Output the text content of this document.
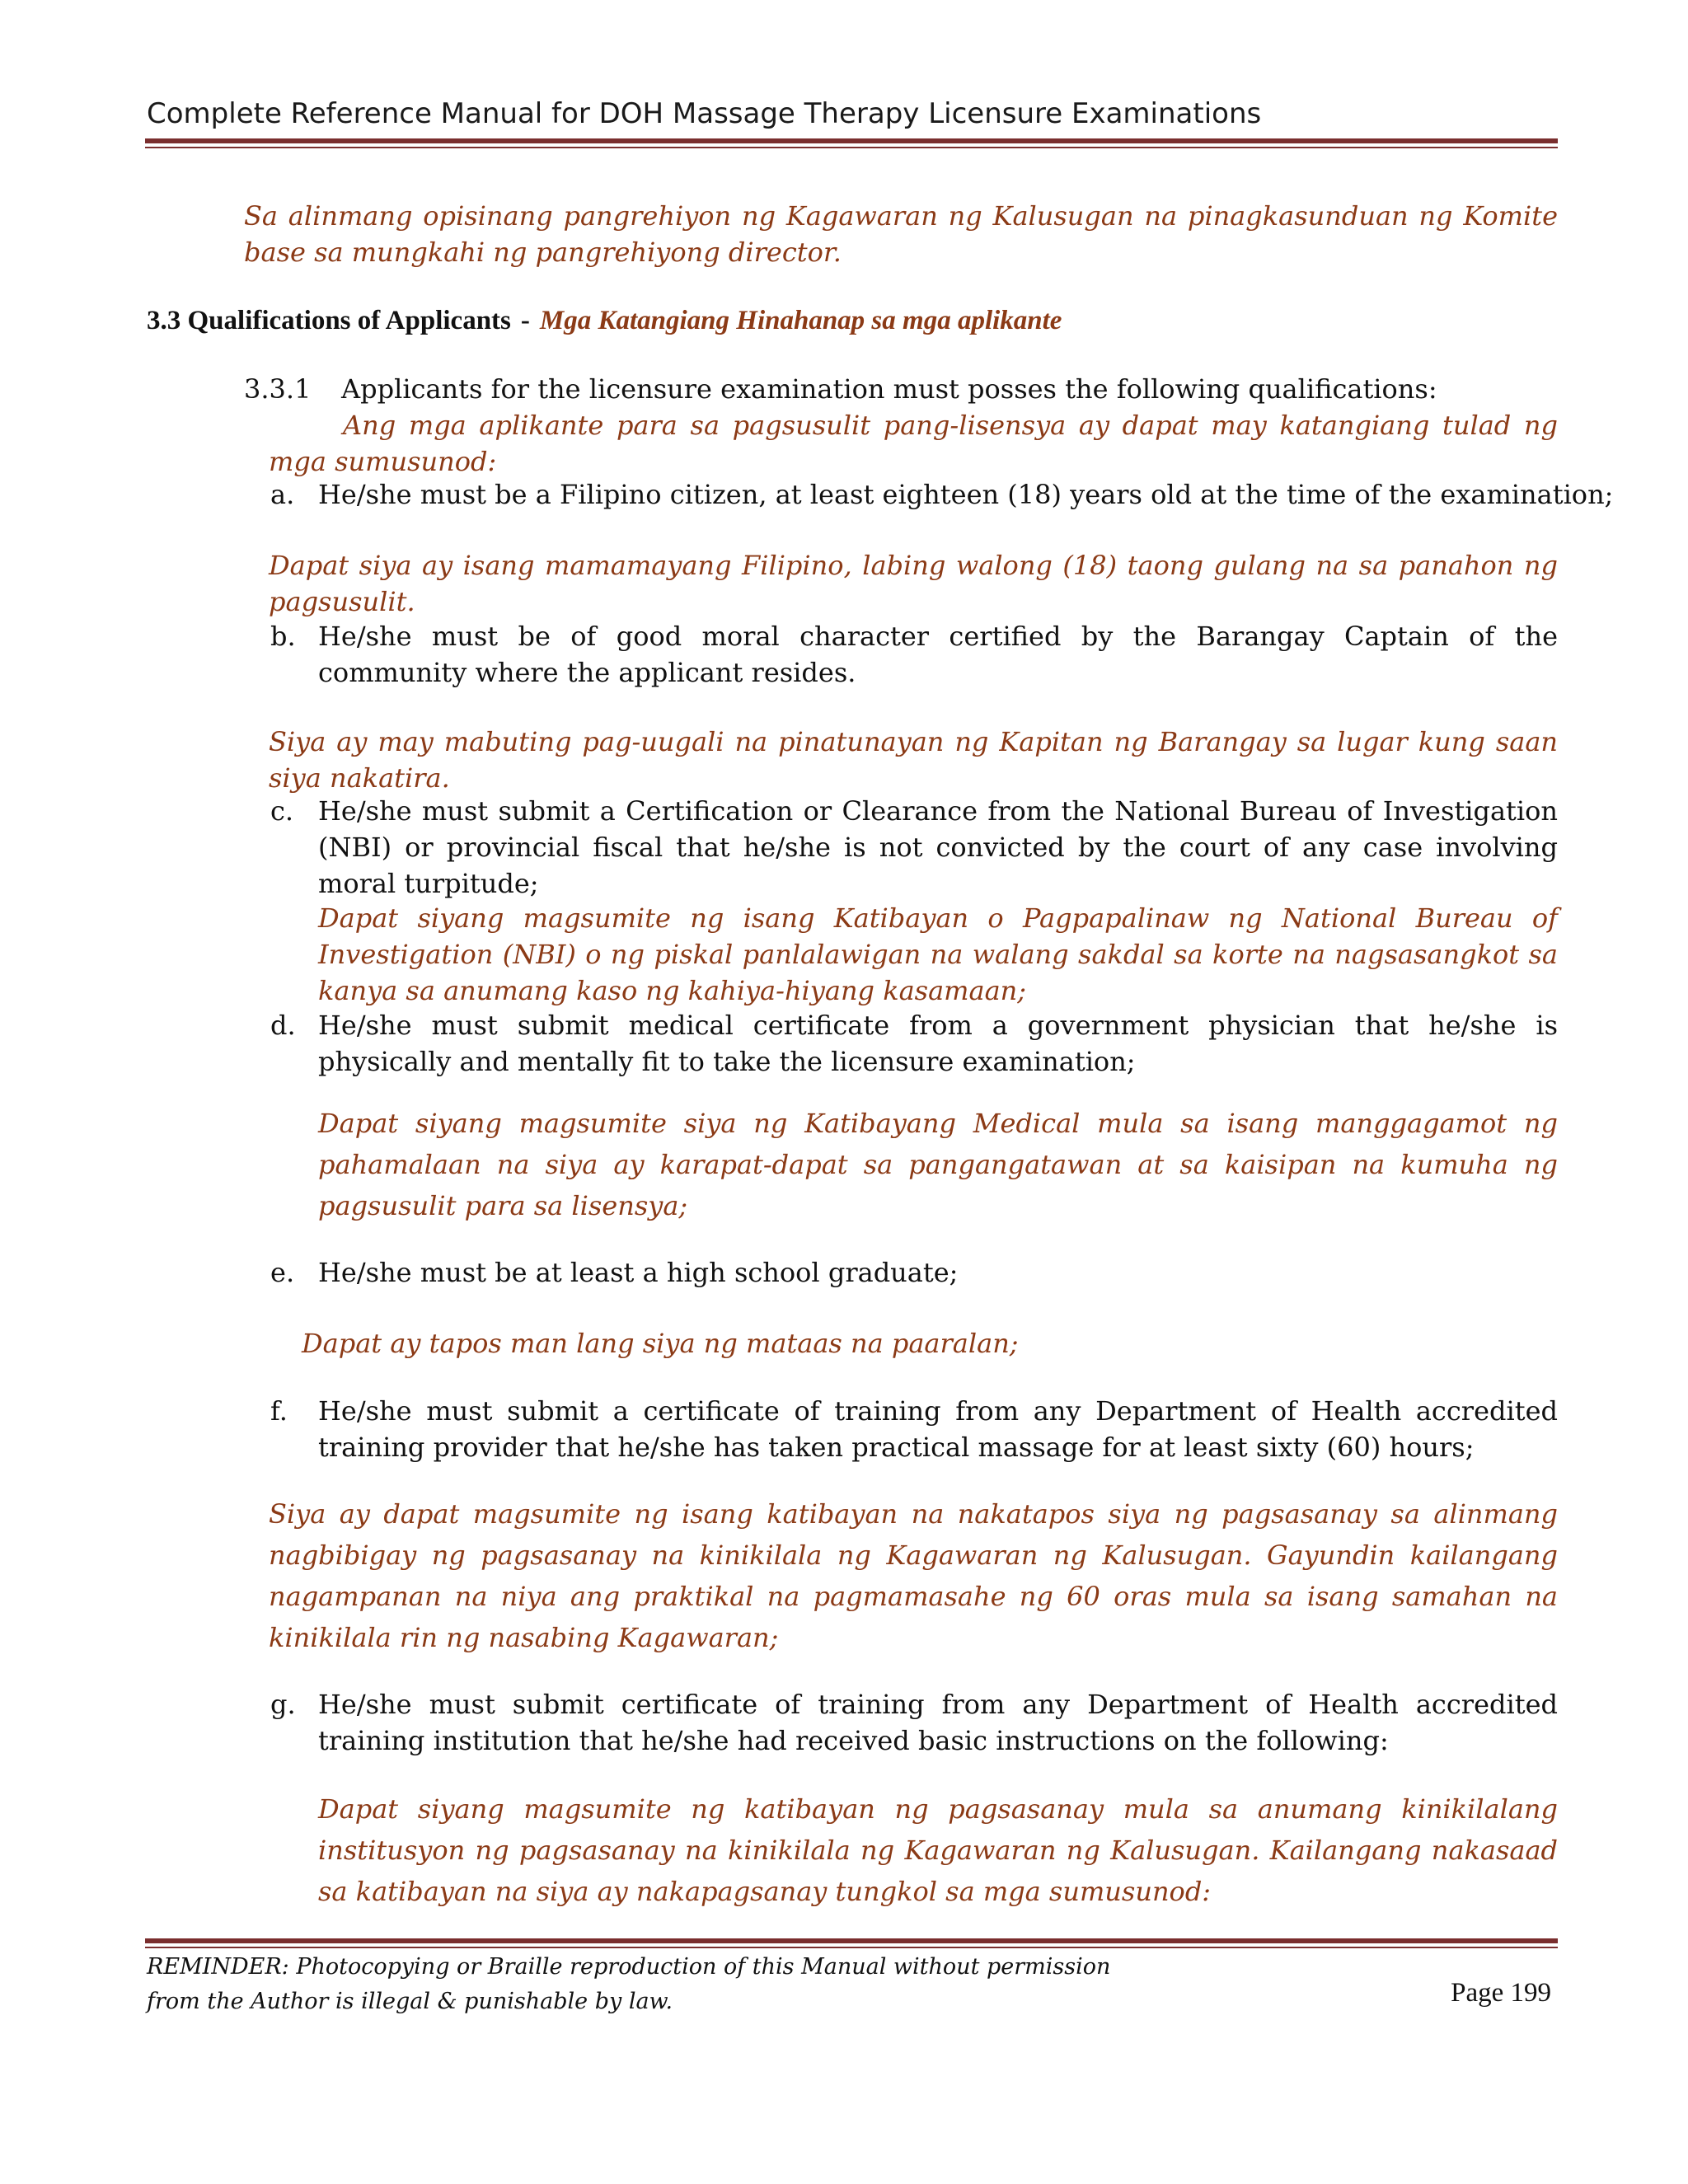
Complete Reference Manual for DOH Massage Therapy Licensure Examinations
Sa alinmang opisinang pangrehiyon ng Kagawaran ng Kalusugan na pinagkasunduan ng Komite base sa mungkahi ng pangrehiyong director.
3.3 Qualifications of Applicants - Mga Katangiang Hinahanap sa mga aplikante
3.3.1 Applicants for the licensure examination must posses the following qualifications:
Ang mga aplikante para sa pagsusulit pang-lisensya ay dapat may katangiang tulad ng mga sumusunod:
a. He/she must be a Filipino citizen, at least eighteen (18) years old at the time of the examination;
Dapat siya ay isang mamamayang Filipino, labing walong (18) taong gulang na sa panahon ng pagsusulit.
b. He/she must be of good moral character certified by the Barangay Captain of the community where the applicant resides.
Siya ay may mabuting pag-uugali na pinatunayan ng Kapitan ng Barangay sa lugar kung saan siya nakatira.
c. He/she must submit a Certification or Clearance from the National Bureau of Investigation (NBI) or provincial fiscal that he/she is not convicted by the court of any case involving moral turpitude;
Dapat siyang magsumite ng isang Katibayan o Pagpapalinaw ng National Bureau of Investigation (NBI) o ng piskal panlalawigan na walang sakdal sa korte na nagsasangkot sa kanya sa anumang kaso ng kahiya-hiyang kasamaan;
d. He/she must submit medical certificate from a government physician that he/she is physically and mentally fit to take the licensure examination;
Dapat siyang magsumite siya ng Katibayang Medical mula sa isang manggagamot ng pahamalaan na siya ay karapat-dapat sa pangangatawan at sa kaisipan na kumuha ng pagsusulit para sa lisensya;
e. He/she must be at least a high school graduate;
Dapat ay tapos man lang siya ng mataas na paaralan;
f. He/she must submit a certificate of training from any Department of Health accredited training provider that he/she has taken practical massage for at least sixty (60) hours;
Siya ay dapat magsumite ng isang katibayan na nakatapos siya ng pagsasanay sa alinmang nagbibigay ng pagsasanay na kinikilala ng Kagawaran ng Kalusugan. Gayundin kailangang nagampanan na niya ang praktikal na pagmamasahe ng 60 oras mula sa isang samahan na kinikilala rin ng nasabing Kagawaran;
g. He/she must submit certificate of training from any Department of Health accredited training institution that he/she had received basic instructions on the following:
Dapat siyang magsumite ng katibayan ng pagsasanay mula sa anumang kinikilalang institusyon ng pagsasanay na kinikilala ng Kagawaran ng Kalusugan. Kailangang nakasaad sa katibayan na siya ay nakapagsanay tungkol sa mga sumusunod:
REMINDER: Photocopying or Braille reproduction of this Manual without permission
from the Author is illegal & punishable by law.	Page 199
